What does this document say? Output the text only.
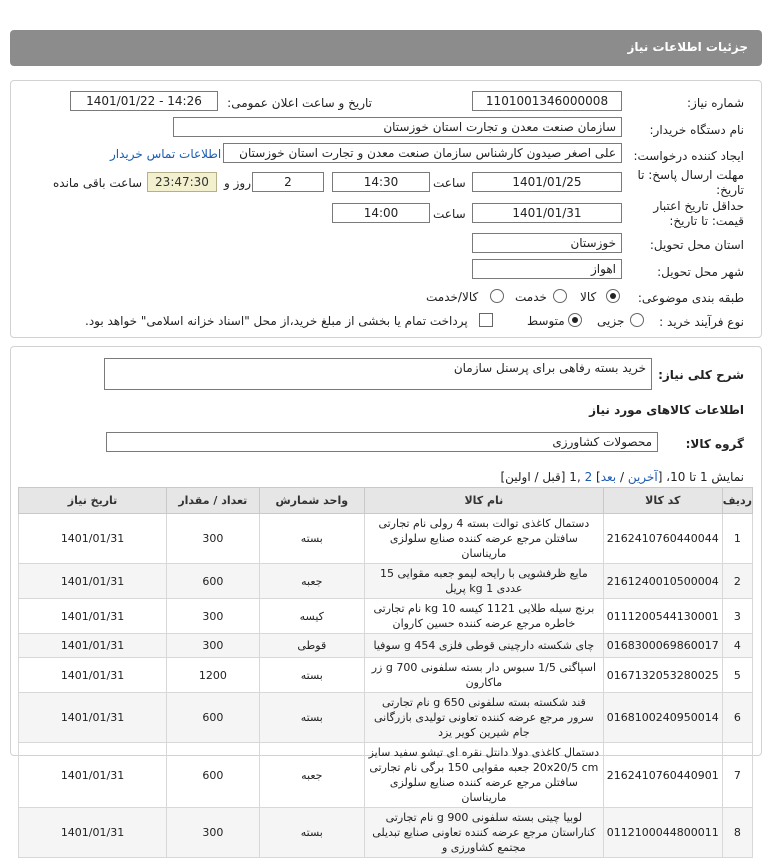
جزئیات اطلاعات نیاز
شماره نیاز:
1101001346000008
تاریخ و ساعت اعلان عمومی:
1401/01/22 - 14:26
نام دستگاه خریدار:
سازمان صنعت معدن و تجارت استان خوزستان
ایجاد کننده درخواست:
علی اصغر صیدون کارشناس سازمان صنعت معدن و تجارت استان خوزستان
اطلاعات تماس خریدار
مهلت ارسال پاسخ: تا تاریخ:
1401/01/25
ساعت
14:30
2
روز و
23:47:30
ساعت باقی مانده
حداقل تاریخ اعتبار قیمت: تا تاریخ:
1401/01/31
ساعت
14:00
استان محل تحویل:
خوزستان
شهر محل تحویل:
اهواز
طبقه بندی موضوعی:
کالا
خدمت
کالا/خدمت
نوع فرآیند خرید :
جزیی
متوسط
پرداخت تمام یا بخشی از مبلغ خرید،از محل "اسناد خزانه اسلامی" خواهد بود.
شرح کلی نیاز:
خرید بسته رفاهی برای پرسنل سازمان
اطلاعات کالاهای مورد نیاز
گروه کالا:
محصولات کشاورزی
نمایش 1 تا 10، [آخرین / بعد] 2 ,1 [قبل / اولین]
ردیف	کد کالا	نام کالا	واحد شمارش	تعداد / مقدار	تاریخ نیاز
1	2162410760440044	دستمال کاغذی توالت بسته 4 رولی نام تجارتی سافتلن مرجع عرضه کننده صنایع سلولزی ماریناسان	بسته	300	1401/01/31
2	2161240010500004	مایع ظرفشویی با رایحه لیمو جعبه مقوایی 15 عددی 1 kg پریل	جعبه	600	1401/01/31
3	0111200544130001	برنج سیله طلایی 1121 کیسه 10 kg نام تجارتی خاطره مرجع عرضه کننده حسین کاروان	کیسه	300	1401/01/31
4	0168300069860017	چای شکسته دارچینی قوطی فلزی 454 g سوفیا	قوطی	300	1401/01/31
5	0167132053280025	اسپاگتی 1/5 سبوس دار بسته سلفونی 700 g زر ماکارون	بسته	1200	1401/01/31
6	0168100240950014	قند شکسته بسته سلفونی 650 g نام تجارتی سرور مرجع عرضه کننده تعاونی تولیدی بازرگانی جام شیرین کویر یزد	بسته	600	1401/01/31
7	2162410760440901	دستمال کاغذی دولا دانتل نقره ای تیشو سفید سایز 20x20/5 cm جعبه مقوایی 150 برگی نام تجارتی سافتلن مرجع عرضه کننده صنایع سلولزی ماریناسان	جعبه	600	1401/01/31
8	0112100044800011	لوبیا چیتی بسته سلفونی 900 g نام تجارتی کناراستان مرجع عرضه کننده تعاونی صنایع تبدیلی مجتمع کشاورزی و	بسته	300	1401/01/31
